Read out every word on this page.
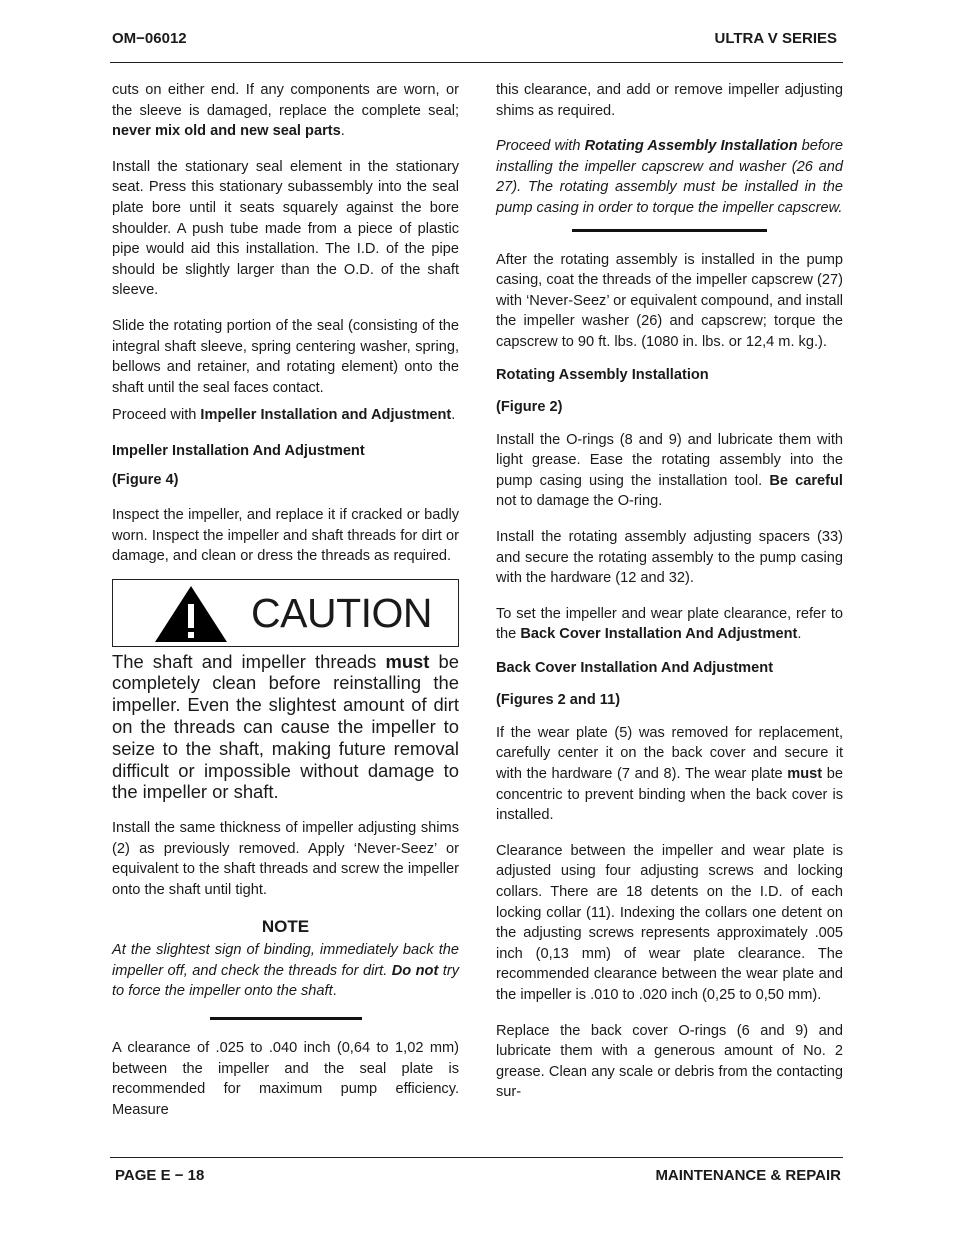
OM−06012	ULTRA V SERIES

cuts on either end. If any components are worn, or the sleeve is damaged, replace the complete seal; never mix old and new seal parts.

Install the stationary seal element in the stationary seat. Press this stationary subassembly into the seal plate bore until it seats squarely against the bore shoulder. A push tube made from a piece of plastic pipe would aid this installation. The I.D. of the pipe should be slightly larger than the O.D. of the shaft sleeve.

Slide the rotating portion of the seal (consisting of the integral shaft sleeve, spring centering washer, spring, bellows and retainer, and rotating element) onto the shaft until the seal faces contact.

Proceed with Impeller Installation and Adjustment.

Impeller Installation And Adjustment
(Figure 4)

Inspect the impeller, and replace it if cracked or badly worn. Inspect the impeller and shaft threads for dirt or damage, and clean or dress the threads as required.

CAUTION

The shaft and impeller threads must be completely clean before reinstalling the impeller. Even the slightest amount of dirt on the threads can cause the impeller to seize to the shaft, making future removal difficult or impossible without damage to the impeller or shaft.

Install the same thickness of impeller adjusting shims (2) as previously removed. Apply ‘Never-Seez’ or equivalent to the shaft threads and screw the impeller onto the shaft until tight.

NOTE

At the slightest sign of binding, immediately back the impeller off, and check the threads for dirt. Do not try to force the impeller onto the shaft.

A clearance of .025 to .040 inch (0,64 to 1,02 mm) between the impeller and the seal plate is recommended for maximum pump efficiency. Measure

this clearance, and add or remove impeller adjusting shims as required.

Proceed with Rotating Assembly Installation before installing the impeller capscrew and washer (26 and 27). The rotating assembly must be installed in the pump casing in order to torque the impeller capscrew.

After the rotating assembly is installed in the pump casing, coat the threads of the impeller capscrew (27) with ‘Never-Seez’ or equivalent compound, and install the impeller washer (26) and capscrew; torque the capscrew to 90 ft. lbs. (1080 in. lbs. or 12,4 m. kg.).

Rotating Assembly Installation
(Figure 2)

Install the O-rings (8 and 9) and lubricate them with light grease. Ease the rotating assembly into the pump casing using the installation tool. Be careful not to damage the O-ring.

Install the rotating assembly adjusting spacers (33) and secure the rotating assembly to the pump casing with the hardware (12 and 32).

To set the impeller and wear plate clearance, refer to the Back Cover Installation And Adjustment.

Back Cover Installation And Adjustment
(Figures 2 and 11)

If the wear plate (5) was removed for replacement, carefully center it on the back cover and secure it with the hardware (7 and 8). The wear plate must be concentric to prevent binding when the back cover is installed.

Clearance between the impeller and wear plate is adjusted using four adjusting screws and locking collars. There are 18 detents on the I.D. of each locking collar (11). Indexing the collars one detent on the adjusting screws represents approximately .005 inch (0,13 mm) of wear plate clearance. The recommended clearance between the wear plate and the impeller is .010 to .020 inch (0,25 to 0,50 mm).

Replace the back cover O-rings (6 and 9) and lubricate them with a generous amount of No. 2 grease. Clean any scale or debris from the contacting sur-

PAGE E − 18	MAINTENANCE & REPAIR
